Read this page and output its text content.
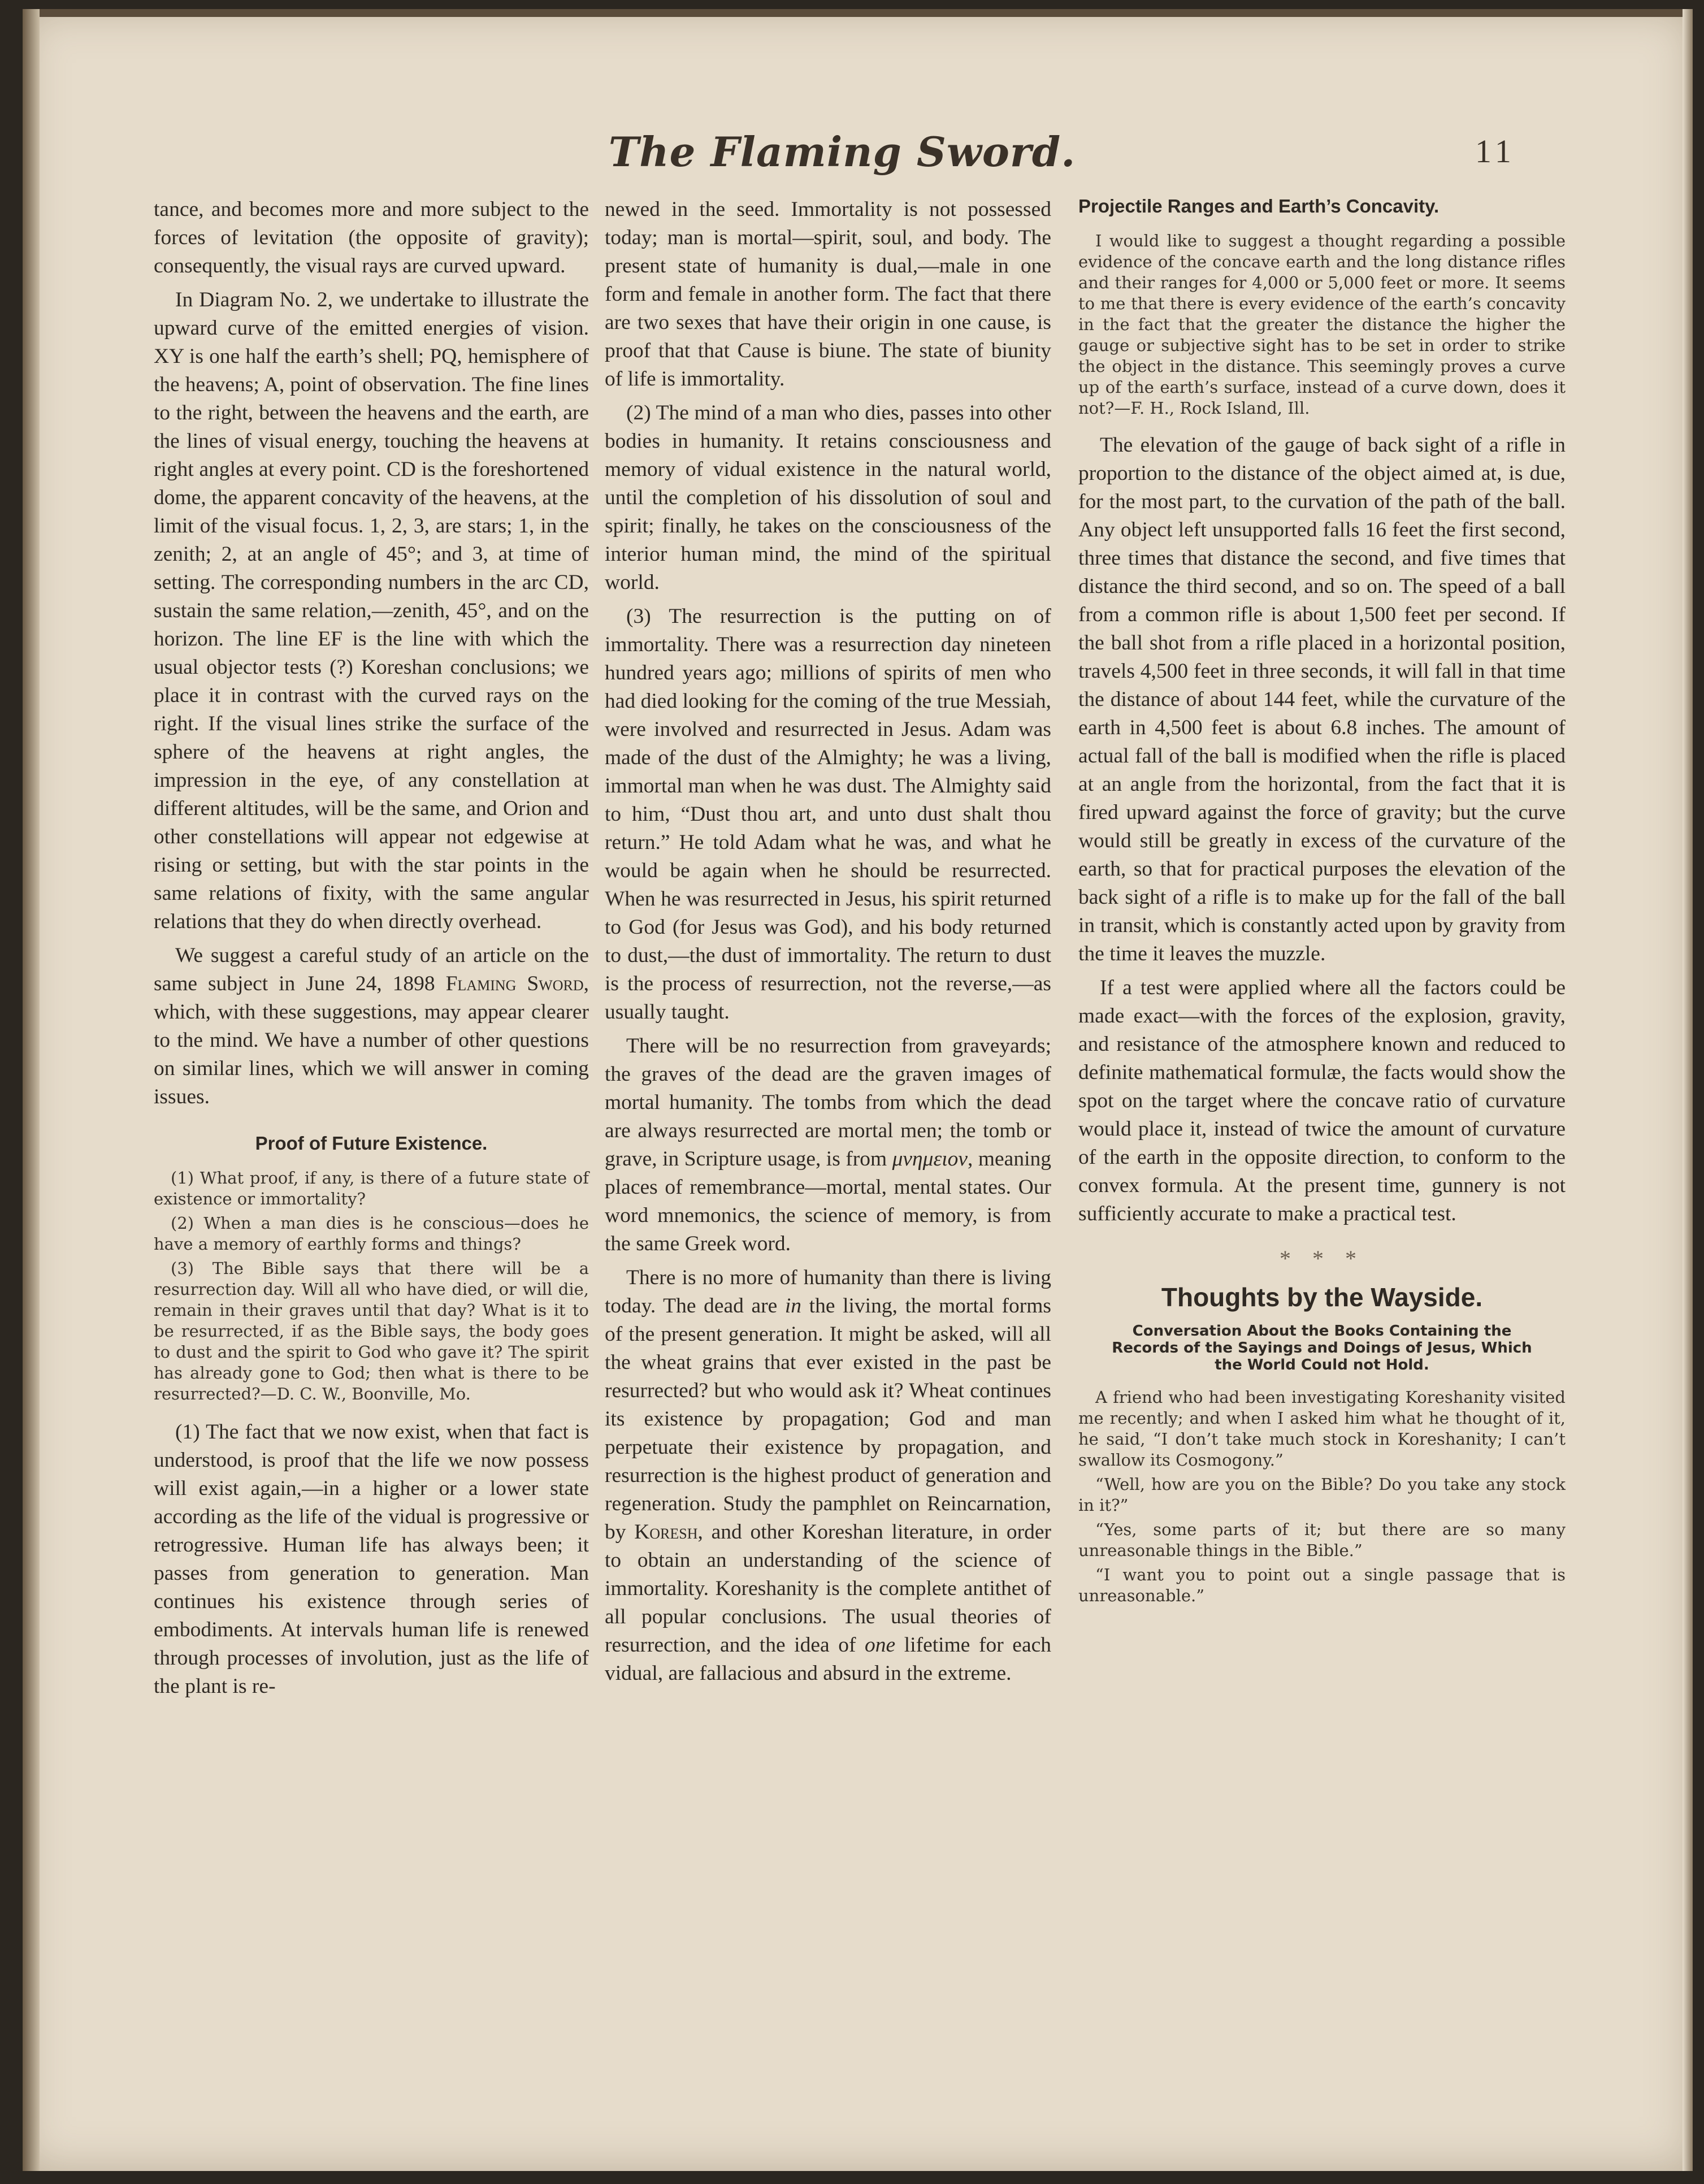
The Flaming Sword.	11

tance, and becomes more and more subject to the forces of levitation (the opposite of gravity); consequently, the visual rays are curved upward.

In Diagram No. 2, we undertake to illustrate the upward curve of the emitted energies of vision. XY is one half the earth’s shell; PQ, hemisphere of the heavens; A, point of observation. The fine lines to the right, between the heavens and the earth, are the lines of visual energy, touching the heavens at right angles at every point. CD is the foreshortened dome, the apparent concavity of the heavens, at the limit of the visual focus. 1, 2, 3, are stars; 1, in the zenith; 2, at an angle of 45°; and 3, at time of setting. The corresponding numbers in the arc CD, sustain the same relation,—zenith, 45°, and on the horizon. The line EF is the line with which the usual objector tests (?) Koreshan conclusions; we place it in contrast with the curved rays on the right. If the visual lines strike the surface of the sphere of the heavens at right angles, the impression in the eye, of any constellation at different altitudes, will be the same, and Orion and other constellations will appear not edgewise at rising or setting, but with the star points in the same relations of fixity, with the same angular relations that they do when directly overhead.

We suggest a careful study of an article on the same subject in June 24, 1898 Flaming Sword, which, with these suggestions, may appear clearer to the mind. We have a number of other questions on similar lines, which we will answer in coming issues.

Proof of Future Existence.

(1) What proof, if any, is there of a future state of existence or immortality?

(2) When a man dies is he conscious—does he have a memory of earthly forms and things?

(3) The Bible says that there will be a resurrection day. Will all who have died, or will die, remain in their graves until that day? What is it to be resurrected, if as the Bible says, the body goes to dust and the spirit to God who gave it? The spirit has already gone to God; then what is there to be resurrected?—D. C. W., Boonville, Mo.

(1) The fact that we now exist, when that fact is understood, is proof that the life we now possess will exist again,—in a higher or a lower state according as the life of the vidual is progressive or retrogressive. Human life has always been; it passes from generation to generation. Man continues his existence through series of embodiments. At intervals human life is renewed through processes of involution, just as the life of the plant is re-

newed in the seed. Immortality is not possessed today; man is mortal—spirit, soul, and body. The present state of humanity is dual,—male in one form and female in another form. The fact that there are two sexes that have their origin in one cause, is proof that that Cause is biune. The state of biunity of life is immortality.

(2) The mind of a man who dies, passes into other bodies in humanity. It retains consciousness and memory of vidual existence in the natural world, until the completion of his dissolution of soul and spirit; finally, he takes on the consciousness of the interior human mind, the mind of the spiritual world.

(3) The resurrection is the putting on of immortality. There was a resurrection day nineteen hundred years ago; millions of spirits of men who had died looking for the coming of the true Messiah, were involved and resurrected in Jesus. Adam was made of the dust of the Almighty; he was a living, immortal man when he was dust. The Almighty said to him, “Dust thou art, and unto dust shalt thou return.” He told Adam what he was, and what he would be again when he should be resurrected. When he was resurrected in Jesus, his spirit returned to God (for Jesus was God), and his body returned to dust,—the dust of immortality. The return to dust is the process of resurrection, not the reverse,—as usually taught.

There will be no resurrection from graveyards; the graves of the dead are the graven images of mortal humanity. The tombs from which the dead are always resurrected are mortal men; the tomb or grave, in Scripture usage, is from μνημειον, meaning places of remembrance—mortal, mental states. Our word mnemonics, the science of memory, is from the same Greek word.

There is no more of humanity than there is living today. The dead are in the living, the mortal forms of the present generation. It might be asked, will all the wheat grains that ever existed in the past be resurrected? but who would ask it? Wheat continues its existence by propagation; God and man perpetuate their existence by propagation, and resurrection is the highest product of generation and regeneration. Study the pamphlet on Reincarnation, by Koresh, and other Koreshan literature, in order to obtain an understanding of the science of immortality. Koreshanity is the complete antithet of all popular conclusions. The usual theories of resurrection, and the idea of one lifetime for each vidual, are fallacious and absurd in the extreme.

Projectile Ranges and Earth’s Concavity.

I would like to suggest a thought regarding a possible evidence of the concave earth and the long distance rifles and their ranges for 4,000 or 5,000 feet or more. It seems to me that there is every evidence of the earth’s concavity in the fact that the greater the distance the higher the gauge or subjective sight has to be set in order to strike the object in the distance. This seemingly proves a curve up of the earth’s surface, instead of a curve down, does it not?—F. H., Rock Island, Ill.

The elevation of the gauge of back sight of a rifle in proportion to the distance of the object aimed at, is due, for the most part, to the curvation of the path of the ball. Any object left unsupported falls 16 feet the first second, three times that distance the second, and five times that distance the third second, and so on. The speed of a ball from a common rifle is about 1,500 feet per second. If the ball shot from a rifle placed in a horizontal position, travels 4,500 feet in three seconds, it will fall in that time the distance of about 144 feet, while the curvature of the earth in 4,500 feet is about 6.8 inches. The amount of actual fall of the ball is modified when the rifle is placed at an angle from the horizontal, from the fact that it is fired upward against the force of gravity; but the curve would still be greatly in excess of the curvature of the earth, so that for practical purposes the elevation of the back sight of a rifle is to make up for the fall of the ball in transit, which is constantly acted upon by gravity from the time it leaves the muzzle.

If a test were applied where all the factors could be made exact—with the forces of the explosion, gravity, and resistance of the atmosphere known and reduced to definite mathematical formulæ, the facts would show the spot on the target where the concave ratio of curvature would place it, instead of twice the amount of curvature of the earth in the opposite direction, to conform to the convex formula. At the present time, gunnery is not sufficiently accurate to make a practical test.

* * *
Thoughts by the Wayside.
Conversation About the Books Containing the Records of the Sayings and Doings of Jesus, Which the World Could not Hold.

A friend who had been investigating Koreshanity visited me recently; and when I asked him what he thought of it, he said, “I don’t take much stock in Koreshanity; I can’t swallow its Cosmogony.”

“Well, how are you on the Bible? Do you take any stock in it?”

“Yes, some parts of it; but there are so many unreasonable things in the Bible.”

“I want you to point out a single passage that is unreasonable.”
